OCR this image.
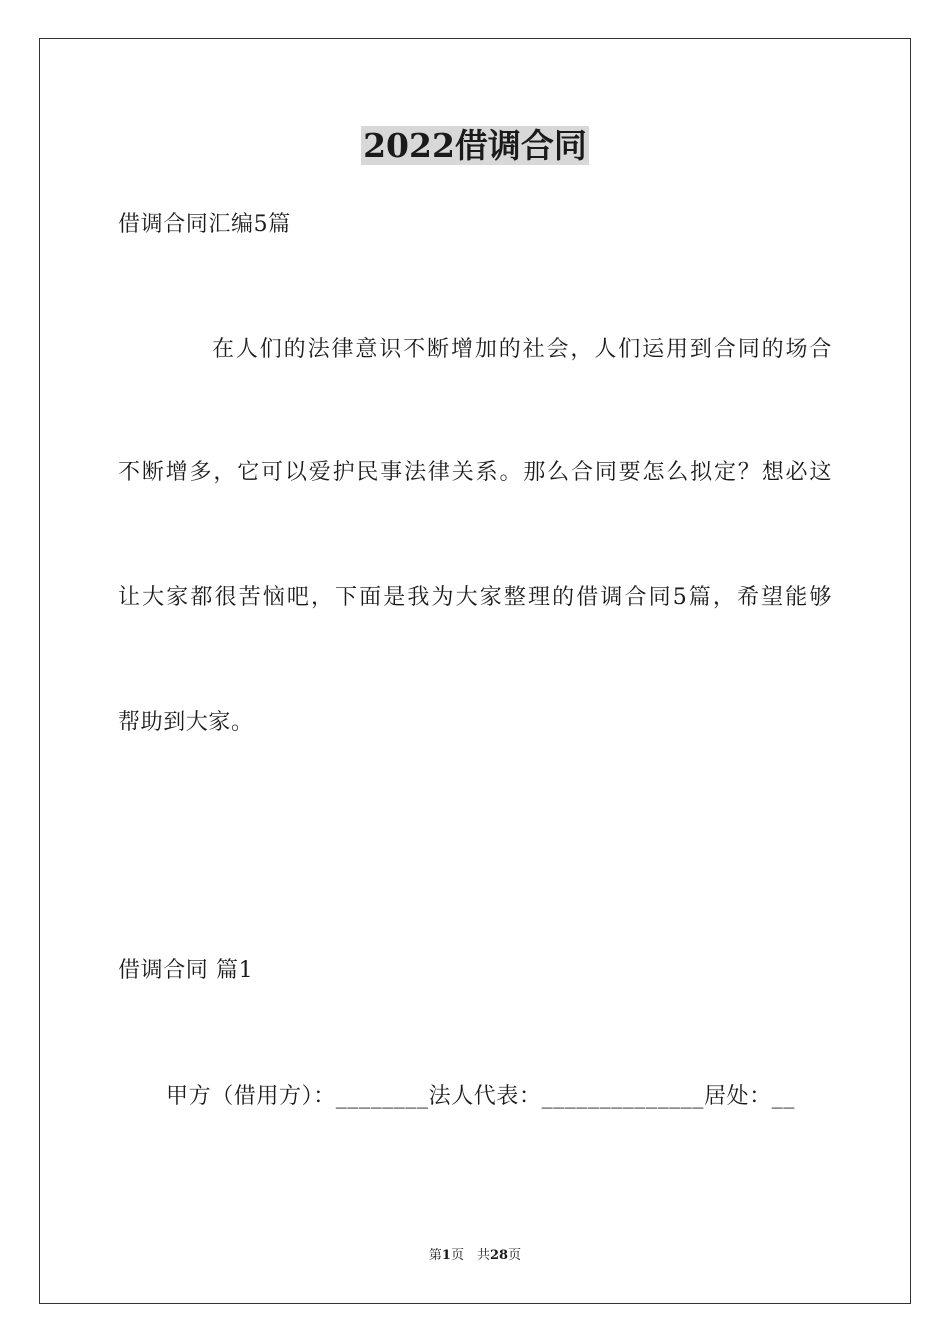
2022借调合同
借调合同汇编5篇
在人们的法律意识不断增加的社会，人们运用到合同的场合
不断增多，它可以爱护民事法律关系。那么合同要怎么拟定？想必这
让大家都很苦恼吧，下面是我为大家整理的借调合同5篇，希望能够
帮助到大家。
借调合同 篇1
甲方（借用方）：________法人代表：______________居处：__
第1页　共28页
